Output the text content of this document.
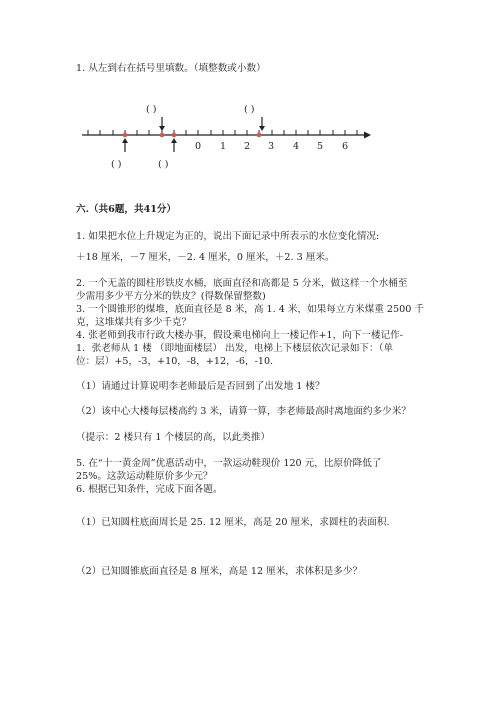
1. 从左到右在括号里填数。（填整数或小数）
( )	( )
( )	( )
0 1 2 3 4 5 6
六.（共6题，共41分）
1. 如果把水位上升规定为正的，说出下面记录中所表示的水位变化情况:
＋18 厘米，－7 厘米，－2. 4 厘米，0 厘米，＋2. 3 厘米。
2. 一个无盖的圆柱形铁皮水桶，底面直径和高都是 5 分米，做这样一个水桶至
少需用多少平方分米的铁皮？(得数保留整数)
3. 一个圆锥形的煤堆，底面直径是 8 米，高 1. 4 米，如果每立方米煤重 2500 千
克，这堆煤共有多少千克？
4. 张老师到我市行政大楼办事，假设乘电梯向上一楼记作+1，向下一楼记作-
1．张老师从 1 楼 （即地面楼层） 出发，电梯上下楼层依次记录如下：（单
位：层）+5，-3，+10，-8，+12，-6，-10.
（1）请通过计算说明李老师最后是否回到了出发地 1 楼？
（2）该中心大楼每层楼高约 3 米，请算一算，李老师最高时离地面约多少米？
（提示：2 楼只有 1 个楼层的高，以此类推）
5. 在“十一黄金周”优惠活动中，一款运动鞋现价 120 元，比原价降低了
25%。这款运动鞋原价多少元？
6. 根据已知条件，完成下面各题。
（1）已知圆柱底面周长是 25. 12 厘米，高是 20 厘米，求圆柱的表面积.
（2）已知圆锥底面直径是 8 厘米，高是 12 厘米，求体积是多少？
